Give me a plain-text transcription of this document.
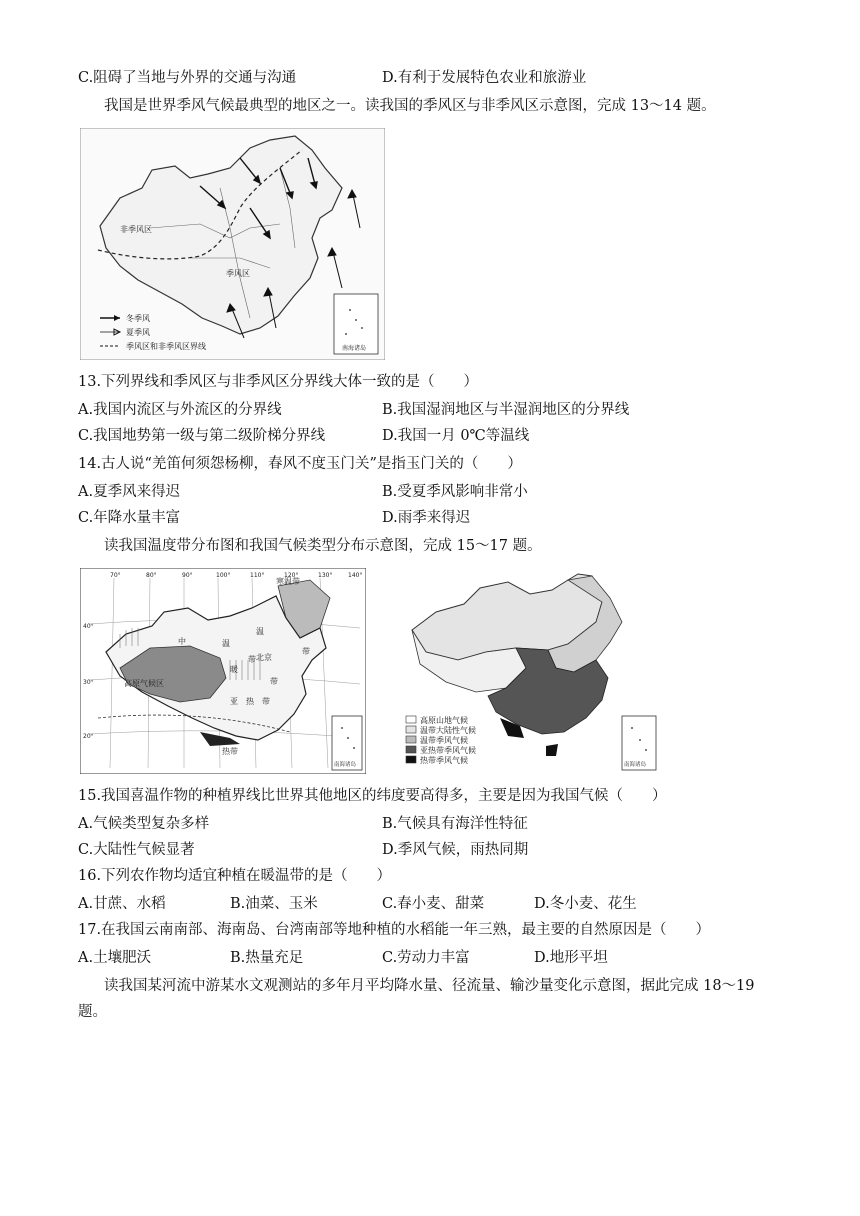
C.阻碍了当地与外界的交通与沟通	D.有利于发展特色农业和旅游业
我国是世界季风气候最典型的地区之一。读我国的季风区与非季风区示意图，完成 13～14 题。
非季风区
季风区
冬季风
夏季风
季风区和非季风区界线	南海诸岛
13.下列界线和季风区与非季风区分界线大体一致的是（　　）
A.我国内流区与外流区的分界线	B.我国湿润地区与半湿润地区的分界线
C.我国地势第一级与第二级阶梯分界线	D.我国一月 0℃等温线
14.古人说“羌笛何须怨杨柳，春风不度玉门关”是指玉门关的（　　）
A.夏季风来得迟	B.受夏季风影响非常小
C.年降水量丰富	D.雨季来得迟
读我国温度带分布图和我国气候类型分布示意图，完成 15～17 题。
70°	80°	90°	100°	110°	120°	130°	140°
40°
30°
20°
寒温带
温
带
中	温
带
暖
带
北京
高原气候区
亚 热 带
热带
南海诸岛
高原山地气候
温带大陆性气候
温带季风气候
亚热带季风气候
热带季风气候	南海诸岛
15.我国喜温作物的种植界线比世界其他地区的纬度要高得多，主要是因为我国气候（　　）
A.气候类型复杂多样	B.气候具有海洋性特征
C.大陆性气候显著	D.季风气候，雨热同期
16.下列农作物均适宜种植在暖温带的是（　　）
A.甘蔗、水稻	B.油菜、玉米	C.春小麦、甜菜	D.冬小麦、花生
17.在我国云南南部、海南岛、台湾南部等地种植的水稻能一年三熟，最主要的自然原因是（　　）
A.土壤肥沃	B.热量充足	C.劳动力丰富	D.地形平坦
读我国某河流中游某水文观测站的多年月平均降水量、径流量、输沙量变化示意图，据此完成 18～19
题。
